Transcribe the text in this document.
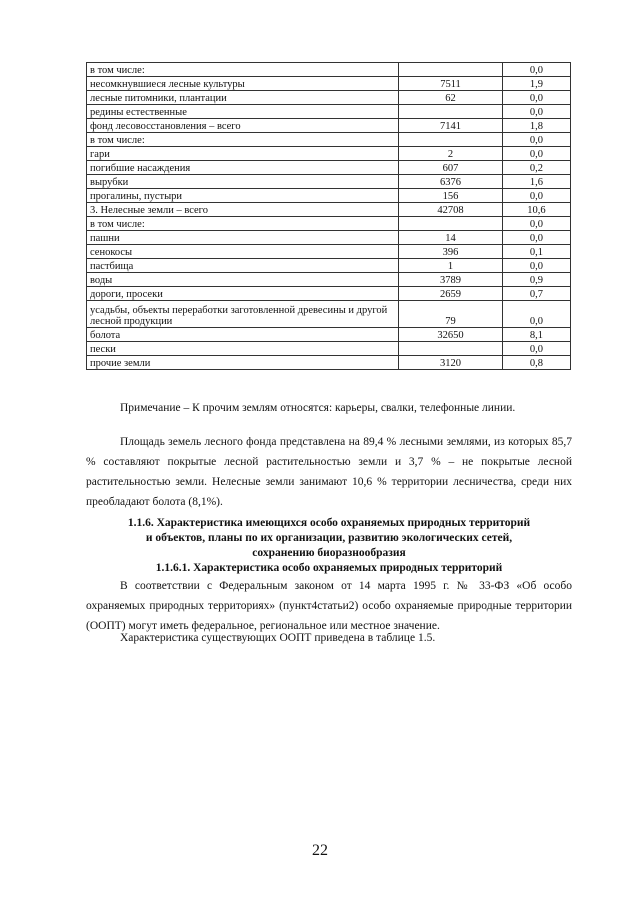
в том числе:		0,0
несомкнувшиеся лесные культуры	7511	1,9
лесные питомники, плантации	62	0,0
редины естественные		0,0
фонд лесовосстановления – всего	7141	1,8
в том числе:		0,0
гари	2	0,0
погибшие насаждения	607	0,2
вырубки	6376	1,6
прогалины, пустыри	156	0,0
3. Нелесные земли – всего	42708	10,6
в том числе:		0,0
пашни	14	0,0
сенокосы	396	0,1
пастбища	1	0,0
воды	3789	0,9
дороги, просеки	2659	0,7
усадьбы, объекты переработки заготовленной древесины и другой лесной продукции	79	0,0
болота	32650	8,1
пески		0,0
прочие земли	3120	0,8
Примечание – К прочим землям относятся: карьеры, свалки, телефонные линии.
Площадь земель лесного фонда представлена на 89,4 % лесными землями, из которых 85,7 % составляют покрытые лесной растительностью земли и 3,7 % – не покрытые лесной растительностью земли. Нелесные земли занимают 10,6 % территории лесничества, среди них преобладают болота (8,1%).
1.1.6. Характеристика имеющихся особо охраняемых природных территорий
и объектов, планы по их организации, развитию экологических сетей,
сохранению биоразнообразия
1.1.6.1. Характеристика особо охраняемых природных территорий
В соответствии с Федеральным законом от 14 марта 1995 г. № 33-ФЗ «Об особо охраняемых природных территориях» (пункт4статьи2) особо охраняемые природные территории (ООПТ) могут иметь федеральное, региональное или местное значение.
Характеристика существующих ООПТ приведена в таблице 1.5.
22
